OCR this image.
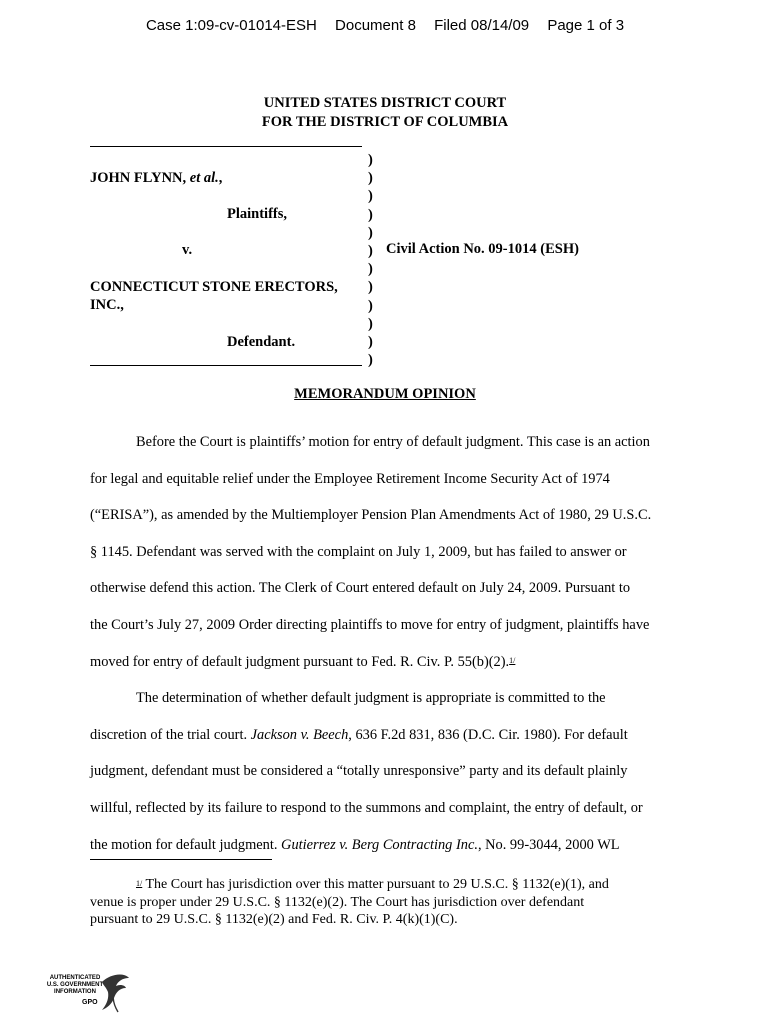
Case 1:09-cv-01014-ESH Document 8 Filed 08/14/09 Page 1 of 3
UNITED STATES DISTRICT COURT
FOR THE DISTRICT OF COLUMBIA
)
)
)
)
)
)
)
)
)
)
)
)
JOHN FLYNN, et al.,
Plaintiffs,
v.
CONNECTICUT STONE ERECTORS,
INC.,
Defendant.
Civil Action No. 09-1014 (ESH)
MEMORANDUM OPINION
Before the Court is plaintiffs’ motion for entry of default judgment. This case is an action
for legal and equitable relief under the Employee Retirement Income Security Act of 1974
(“ERISA”), as amended by the Multiemployer Pension Plan Amendments Act of 1980, 29 U.S.C.
§ 1145. Defendant was served with the complaint on July 1, 2009, but has failed to answer or
otherwise defend this action. The Clerk of Court entered default on July 24, 2009. Pursuant to
the Court’s July 27, 2009 Order directing plaintiffs to move for entry of judgment, plaintiffs have
moved for entry of default judgment pursuant to Fed. R. Civ. P. 55(b)(2).$^{1/}$
The determination of whether default judgment is appropriate is committed to the
discretion of the trial court. Jackson v. Beech, 636 F.2d 831, 836 (D.C. Cir. 1980). For default
judgment, defendant must be considered a “totally unresponsive” party and its default plainly
willful, reflected by its failure to respond to the summons and complaint, the entry of default, or
the motion for default judgment. Gutierrez v. Berg Contracting Inc., No. 99-3044, 2000 WL
$^{1/}$ The Court has jurisdiction over this matter pursuant to 29 U.S.C. § 1132(e)(1), and
venue is proper under 29 U.S.C. § 1132(e)(2). The Court has jurisdiction over defendant
pursuant to 29 U.S.C. § 1132(e)(2) and Fed. R. Civ. P. 4(k)(1)(C).
AUTHENTICATED
U.S. GOVERNMENT
INFORMATION
GPO
